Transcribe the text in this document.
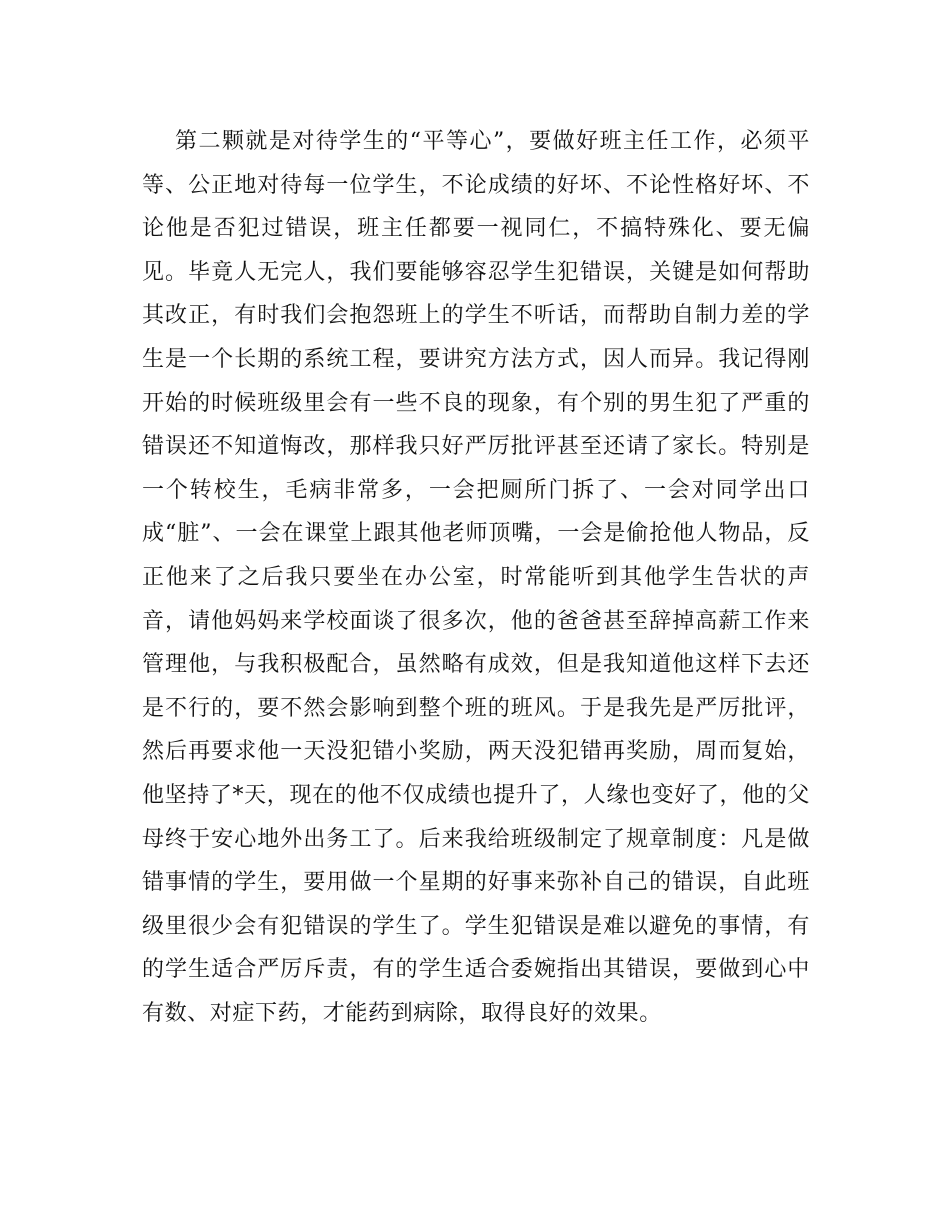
第二颗就是对待学生的“平等心”，要做好班主任工作，必须平等、公正地对待每一位学生，不论成绩的好坏、不论性格好坏、不论他是否犯过错误，班主任都要一视同仁，不搞特殊化、要无偏见。毕竟人无完人，我们要能够容忍学生犯错误，关键是如何帮助其改正，有时我们会抱怨班上的学生不听话，而帮助自制力差的学生是一个长期的系统工程，要讲究方法方式，因人而异。我记得刚开始的时候班级里会有一些不良的现象，有个别的男生犯了严重的错误还不知道悔改，那样我只好严厉批评甚至还请了家长。特别是一个转校生，毛病非常多，一会把厕所门拆了、一会对同学出口成“脏”、一会在课堂上跟其他老师顶嘴，一会是偷抢他人物品，反正他来了之后我只要坐在办公室，时常能听到其他学生告状的声音，请他妈妈来学校面谈了很多次，他的爸爸甚至辞掉高薪工作来管理他，与我积极配合，虽然略有成效，但是我知道他这样下去还是不行的，要不然会影响到整个班的班风。于是我先是严厉批评，然后再要求他一天没犯错小奖励，两天没犯错再奖励，周而复始，他坚持了*天，现在的他不仅成绩也提升了，人缘也变好了，他的父母终于安心地外出务工了。后来我给班级制定了规章制度：凡是做错事情的学生，要用做一个星期的好事来弥补自己的错误，自此班级里很少会有犯错误的学生了。学生犯错误是难以避免的事情，有的学生适合严厉斥责，有的学生适合委婉指出其错误，要做到心中有数、对症下药，才能药到病除，取得良好的效果。
